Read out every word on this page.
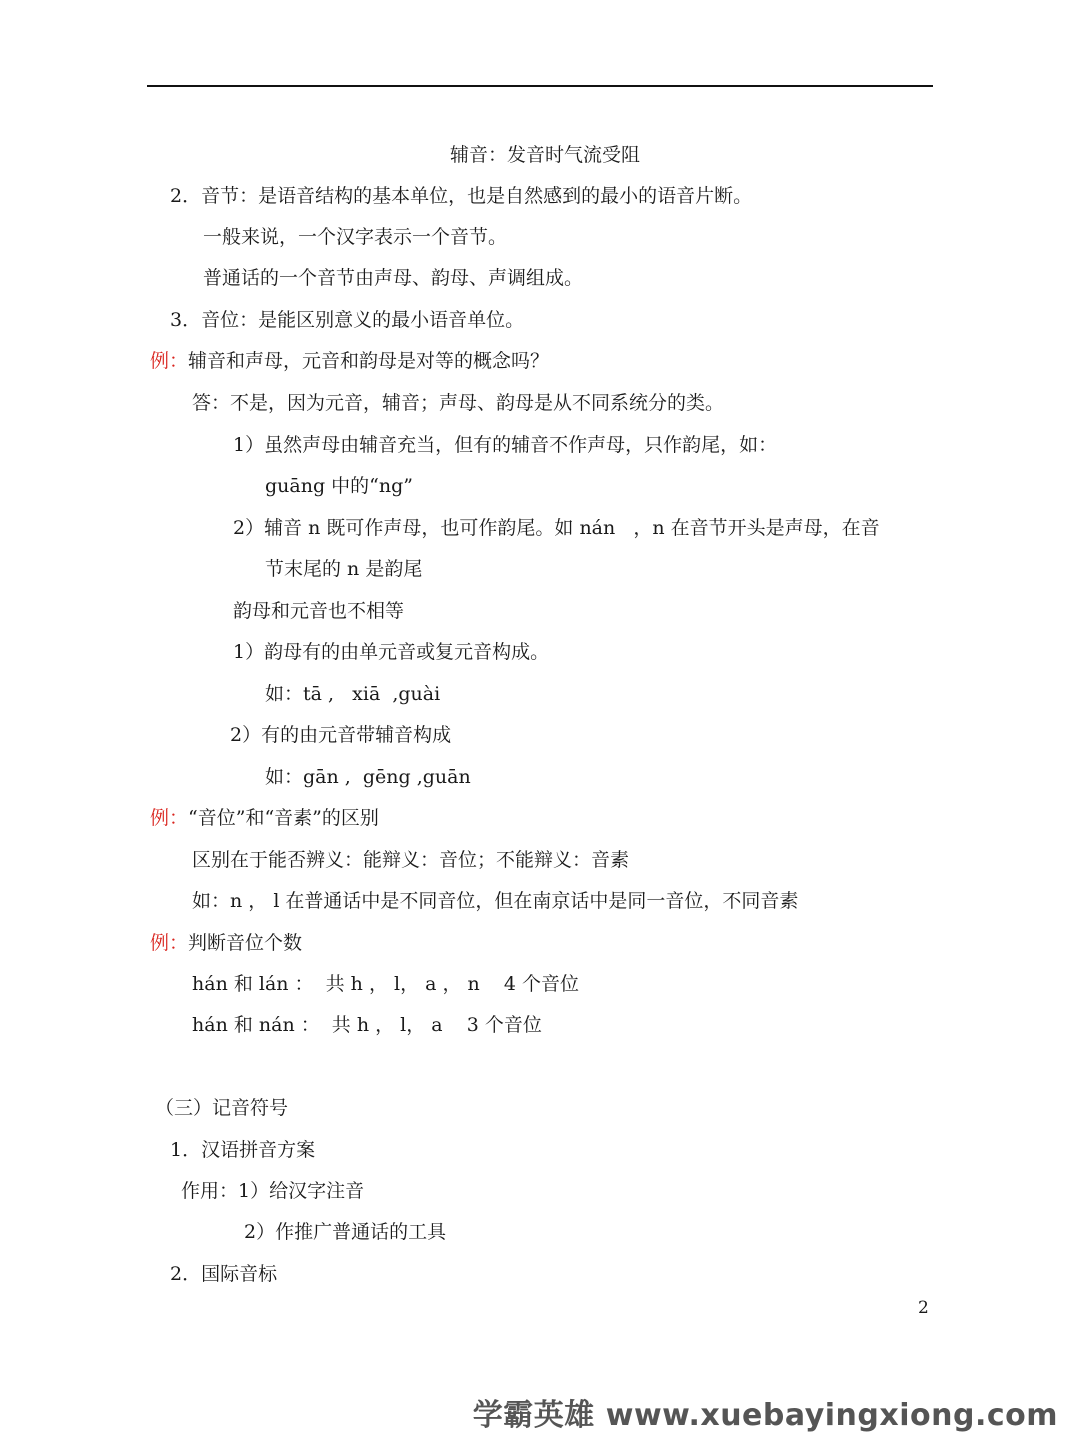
辅音：发音时气流受阻
2．音节：是语音结构的基本单位，也是自然感到的最小的语音片断。
一般来说，一个汉字表示一个音节。
普通话的一个音节由声母、韵母、声调组成。
3．音位：是能区别意义的最小语音单位。
例：辅音和声母，元音和韵母是对等的概念吗？
答：不是，因为元音，辅音；声母、韵母是从不同系统分的类。
1）虽然声母由辅音充当，但有的辅音不作声母，只作韵尾，如：
guāng 中的“ng”
2）辅音 n 既可作声母，也可作韵尾。如 nán   ，n 在音节开头是声母，在音
节末尾的 n 是韵尾
韵母和元音也不相等
1）韵母有的由单元音或复元音构成。
如：tā ,   xiā  ,guài
2）有的由元音带辅音构成
如：gān ,  gēng ,guān
例：“音位”和“音素”的区别
区别在于能否辨义：能辩义：音位；不能辩义：音素
如：n ， l 在普通话中是不同音位，但在南京话中是同一音位，不同音素
例：判断音位个数
hán 和 lán ：  共 h ， l， a ， n    4 个音位
hán 和 nán ：  共 h ， l， a    3 个音位
（三）记音符号
1．汉语拼音方案
作用：1）给汉字注音
2）作推广普通话的工具
2．国际音标
2
学霸英雄 www.xuebayingxiong.com
